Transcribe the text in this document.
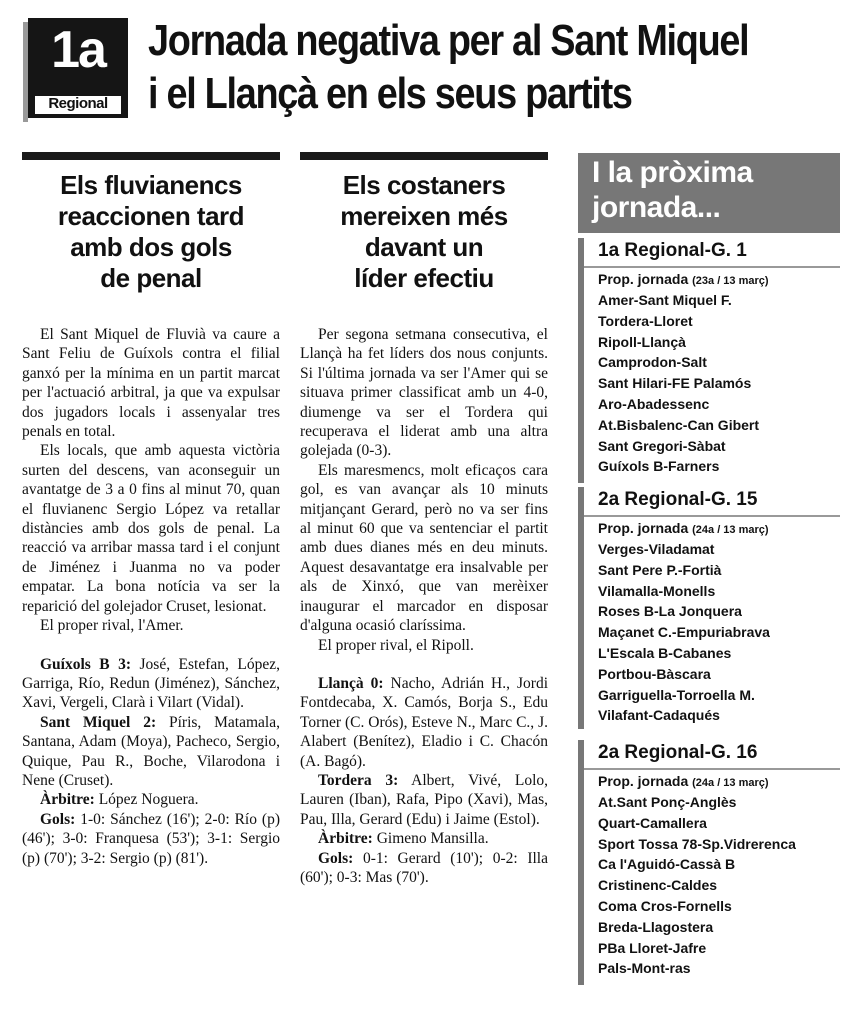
1a
Regional
Jornada negativa per al Sant Miquel
i el Llançà en els seus partits
Els fluvianencs
reaccionen tard
amb dos gols
de penal

El Sant Miquel de Fluvià va caure a Sant Feliu de Guíxols contra el filial ganxó per la mínima en un partit marcat per l'actuació arbitral, ja que va expulsar dos jugadors locals i assenyalar tres penals en total.

Els locals, que amb aquesta victòria surten del descens, van aconseguir un avantatge de 3 a 0 fins al minut 70, quan el fluvianenc Sergio López va retallar distàncies amb dos gols de penal. La reacció va arribar massa tard i el conjunt de Jiménez i Juanma no va poder empatar. La bona notícia va ser la reparició del golejador Cruset, lesionat.

El proper rival, l'Amer.

Guíxols B 3: José, Estefan, López, Garriga, Río, Redun (Jiménez), Sánchez, Xavi, Vergeli, Clarà i Vilart (Vidal).

Sant Miquel 2: Píris, Matamala, Santana, Adam (Moya), Pacheco, Sergio, Quique, Pau R., Boche, Vilarodona i Nene (Cruset).

Àrbitre: López Noguera.

Gols: 1-0: Sánchez (16'); 2-0: Río (p) (46'); 3-0: Franquesa (53'); 3-1: Sergio (p) (70'); 3-2: Sergio (p) (81').

Els costaners
mereixen més
davant un
líder efectiu

Per segona setmana consecutiva, el Llançà ha fet líders dos nous conjunts. Si l'última jornada va ser l'Amer qui se situava primer classificat amb un 4-0, diumenge va ser el Tordera qui recuperava el liderat amb una altra golejada (0-3).

Els maresmencs, molt eficaços cara gol, es van avançar als 10 minuts mitjançant Gerard, però no va ser fins al minut 60 que va sentenciar el partit amb dues dianes més en deu minuts. Aquest desavantatge era insalvable per als de Xinxó, que van merèixer inaugurar el marcador en disposar d'alguna ocasió claríssima.

El proper rival, el Ripoll.

Llançà 0: Nacho, Adrián H., Jordi Fontdecaba, X. Camós, Borja S., Edu Torner (C. Orós), Esteve N., Marc C., J. Alabert (Benítez), Eladio i C. Chacón (A. Bagó).

Tordera 3: Albert, Vivé, Lolo, Lauren (Iban), Rafa, Pipo (Xavi), Mas, Pau, Illa, Gerard (Edu) i Jaime (Estol).

Àrbitre: Gimeno Mansilla.

Gols: 0-1: Gerard (10'); 0-2: Illa (60'); 0-3: Mas (70').

I la pròxima
jornada...
1a Regional-G. 1
Prop. jornada (23a / 13 març)
Amer-Sant Miquel F.
Tordera-Lloret
Ripoll-Llançà
Camprodon-Salt
Sant Hilari-FE Palamós
Aro-Abadessenc
At.Bisbalenc-Can Gibert
Sant Gregori-Sàbat
Guíxols B-Farners
2a Regional-G. 15
Prop. jornada (24a / 13 març)
Verges-Viladamat
Sant Pere P.-Fortià
Vilamalla-Monells
Roses B-La Jonquera
Maçanet C.-Empuriabrava
L'Escala B-Cabanes
Portbou-Bàscara
Garriguella-Torroella M.
Vilafant-Cadaqués
2a Regional-G. 16
Prop. jornada (24a / 13 març)
At.Sant Ponç-Anglès
Quart-Camallera
Sport Tossa 78-Sp.Vidrerenca
Ca l'Aguidó-Cassà B
Cristinenc-Caldes
Coma Cros-Fornells
Breda-Llagostera
PBa Lloret-Jafre
Pals-Mont-ras
